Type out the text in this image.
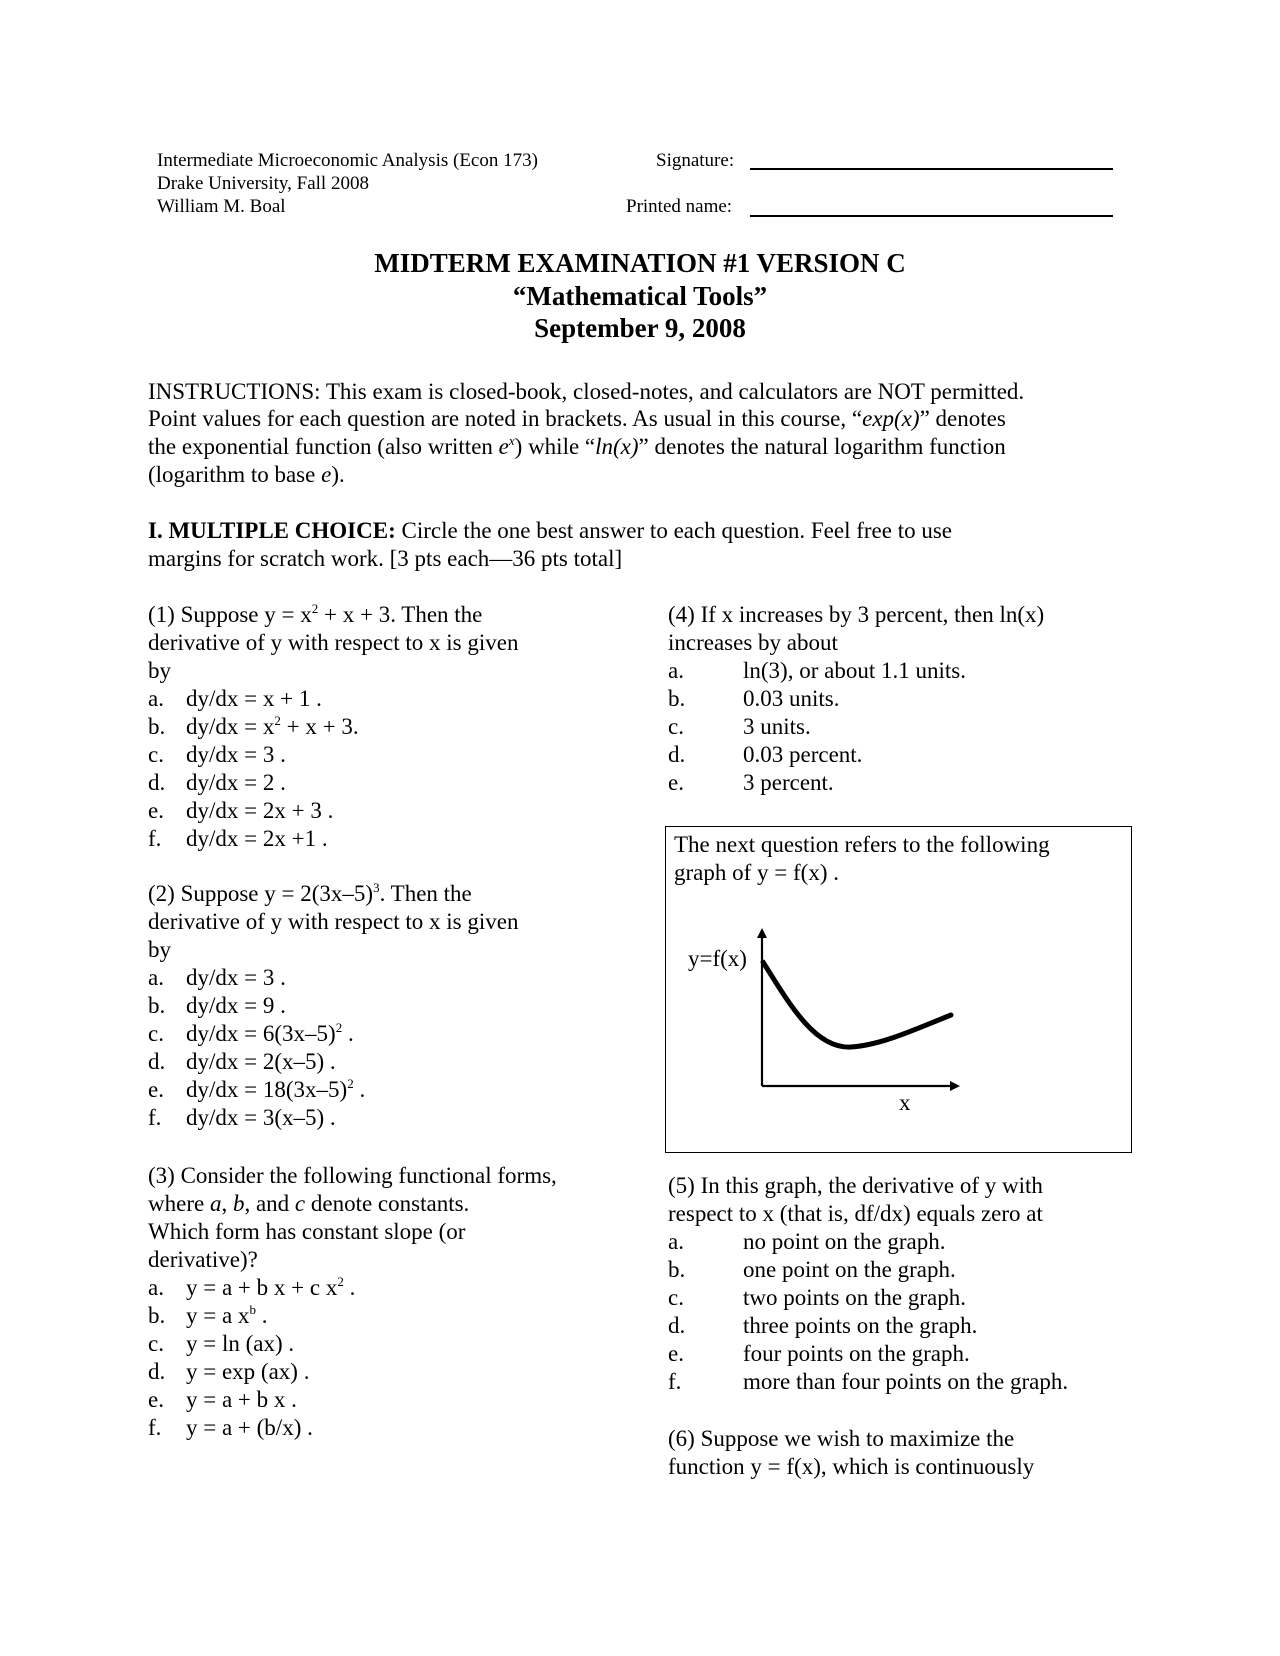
Intermediate Microeconomic Analysis (Econ 173)
Drake University, Fall 2008
William M. Boal
Signature:
Printed name:
MIDTERM EXAMINATION #1 VERSION C
“Mathematical Tools”
September 9, 2008
INSTRUCTIONS: This exam is closed-book, closed-notes, and calculators are NOT permitted.
Point values for each question are noted in brackets. As usual in this course, “exp(x)” denotes
the exponential function (also written $e^x$) while “ln(x)” denotes the natural logarithm function
(logarithm to base e).
I. MULTIPLE CHOICE: Circle the one best answer to each question. Feel free to use
margins for scratch work. [3 pts each—36 pts total]
(1) Suppose $y = x^2 + x + 3$. Then the
derivative of y with respect to x is given
by
a. dy/dx = x + 1 .
b. $dy/dx = x^2 + x + 3$.
c. dy/dx = 3 .
d. dy/dx = 2 .
e. dy/dx = 2x + 3 .
f. dy/dx = 2x +1 .
(2) Suppose $y = 2(3x-5)^3$. Then the
derivative of y with respect to x is given
by
a. dy/dx = 3 .
b. dy/dx = 9 .
c. $dy/dx = 6(3x-5)^2$ .
d. dy/dx = 2(x–5) .
e. $dy/dx = 18(3x-5)^2$ .
f. dy/dx = 3(x–5) .
(3) Consider the following functional forms,
where a, b, and c denote constants.
Which form has constant slope (or
derivative)?
a. y = a + b x + c $x^2$ .
b. y = a $x^b$ .
c. y = ln (ax) .
d. y = exp (ax) .
e. y = a + b x .
f. y = a + (b/x) .
(4) If x increases by 3 percent, then ln(x)
increases by about
a.	ln(3), or about 1.1 units.
b.	0.03 units.
c.	3 units.
d.	0.03 percent.
e.	3 percent.
The next question refers to the following
graph of y = f(x) .
y=f(x)
x
(5) In this graph, the derivative of y with
respect to x (that is, df/dx) equals zero at
a.	no point on the graph.
b.	one point on the graph.
c.	two points on the graph.
d.	three points on the graph.
e.	four points on the graph.
f.	more than four points on the graph.
(6) Suppose we wish to maximize the
function y = f(x), which is continuously
